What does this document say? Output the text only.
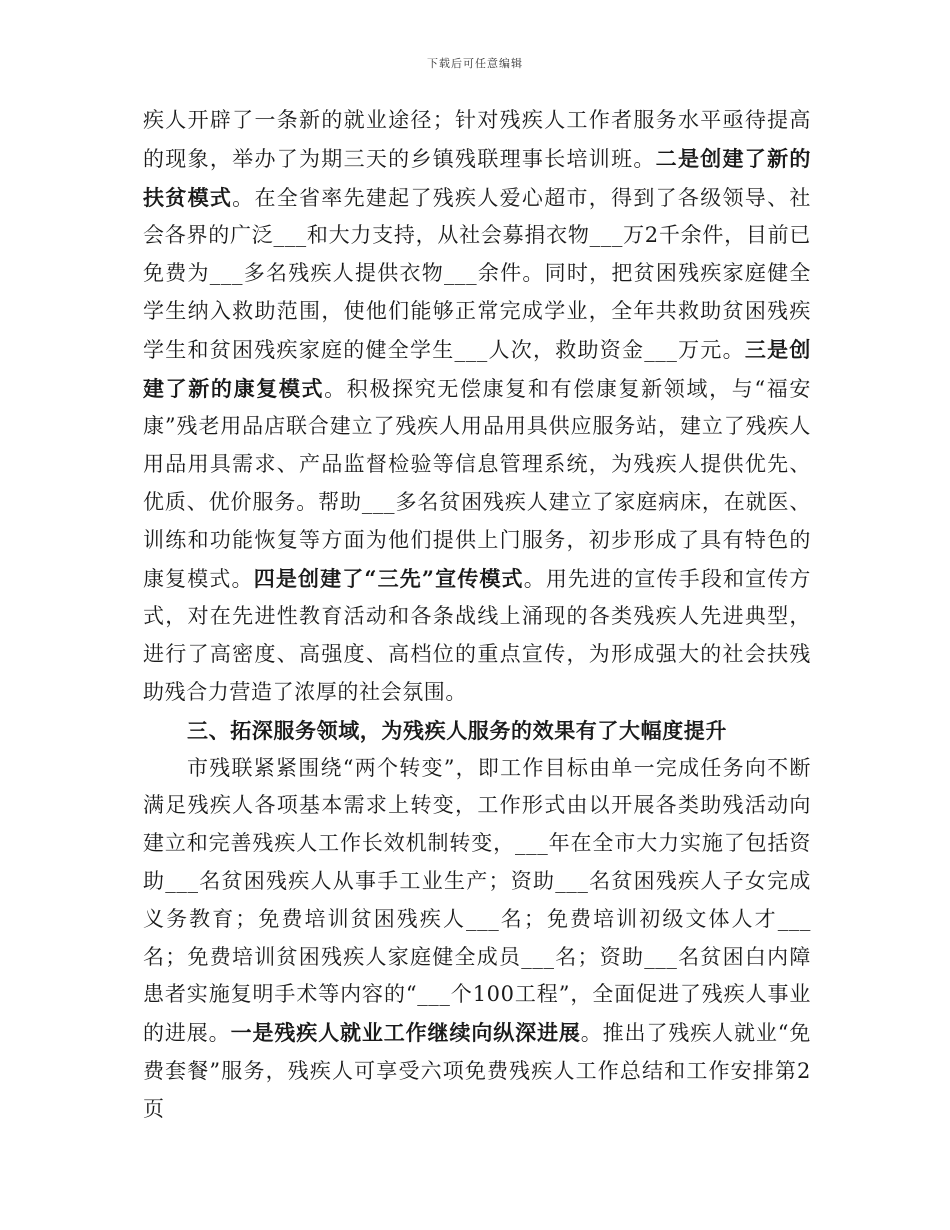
下载后可任意编辑

疾人开辟了一条新的就业途径；针对残疾人工作者服务水平亟待提高的现象，举办了为期三天的乡镇残联理事长培训班。二是创建了新的扶贫模式。在全省率先建起了残疾人爱心超市，得到了各级领导、社会各界的广泛___和大力支持，从社会募捐衣物___万2千余件，目前已免费为___多名残疾人提供衣物___余件。同时，把贫困残疾家庭健全学生纳入救助范围，使他们能够正常完成学业，全年共救助贫困残疾学生和贫困残疾家庭的健全学生___人次，救助资金___万元。三是创建了新的康复模式。积极探究无偿康复和有偿康复新领域，与“福安康”残老用品店联合建立了残疾人用品用具供应服务站，建立了残疾人用品用具需求、产品监督检验等信息管理系统，为残疾人提供优先、优质、优价服务。帮助___多名贫困残疾人建立了家庭病床，在就医、训练和功能恢复等方面为他们提供上门服务，初步形成了具有特色的康复模式。四是创建了“三先”宣传模式。用先进的宣传手段和宣传方式，对在先进性教育活动和各条战线上涌现的各类残疾人先进典型，进行了高密度、高强度、高档位的重点宣传，为形成强大的社会扶残助残合力营造了浓厚的社会氛围。

三、拓深服务领域，为残疾人服务的效果有了大幅度提升

市残联紧紧围绕“两个转变”，即工作目标由单一完成任务向不断满足残疾人各项基本需求上转变，工作形式由以开展各类助残活动向建立和完善残疾人工作长效机制转变，___年在全市大力实施了包括资助___名贫困残疾人从事手工业生产；资助___名贫困残疾人子女完成义务教育；免费培训贫困残疾人___名；免费培训初级文体人才___名；免费培训贫困残疾人家庭健全成员___名；资助___名贫困白内障患者实施复明手术等内容的“___个100工程”，全面促进了残疾人事业的进展。一是残疾人就业工作继续向纵深进展。推出了残疾人就业“免费套餐”服务，残疾人可享受六项免费残疾人工作总结和工作安排第2页
